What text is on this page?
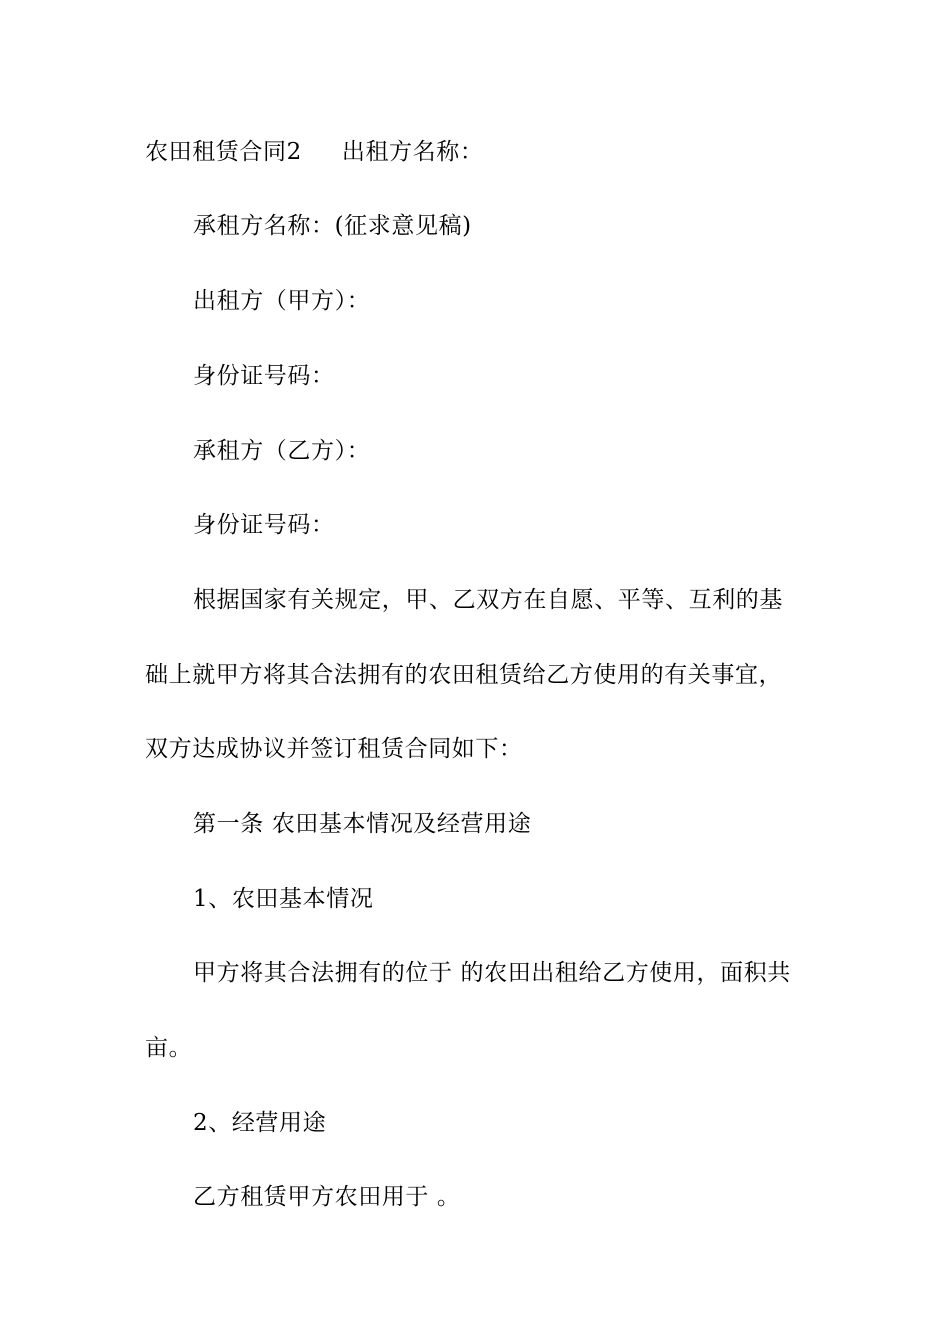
农田租赁合同2 出租方名称：
承租方名称：(征求意见稿)
出租方（甲方）：
身份证号码：
承租方（乙方）：
身份证号码：
根据国家有关规定，甲、乙双方在自愿、平等、互利的基
础上就甲方将其合法拥有的农田租赁给乙方使用的有关事宜，
双方达成协议并签订租赁合同如下：
第一条 农田基本情况及经营用途
1、农田基本情况
甲方将其合法拥有的位于 的农田出租给乙方使用，面积共
亩。
2、经营用途
乙方租赁甲方农田用于 。
